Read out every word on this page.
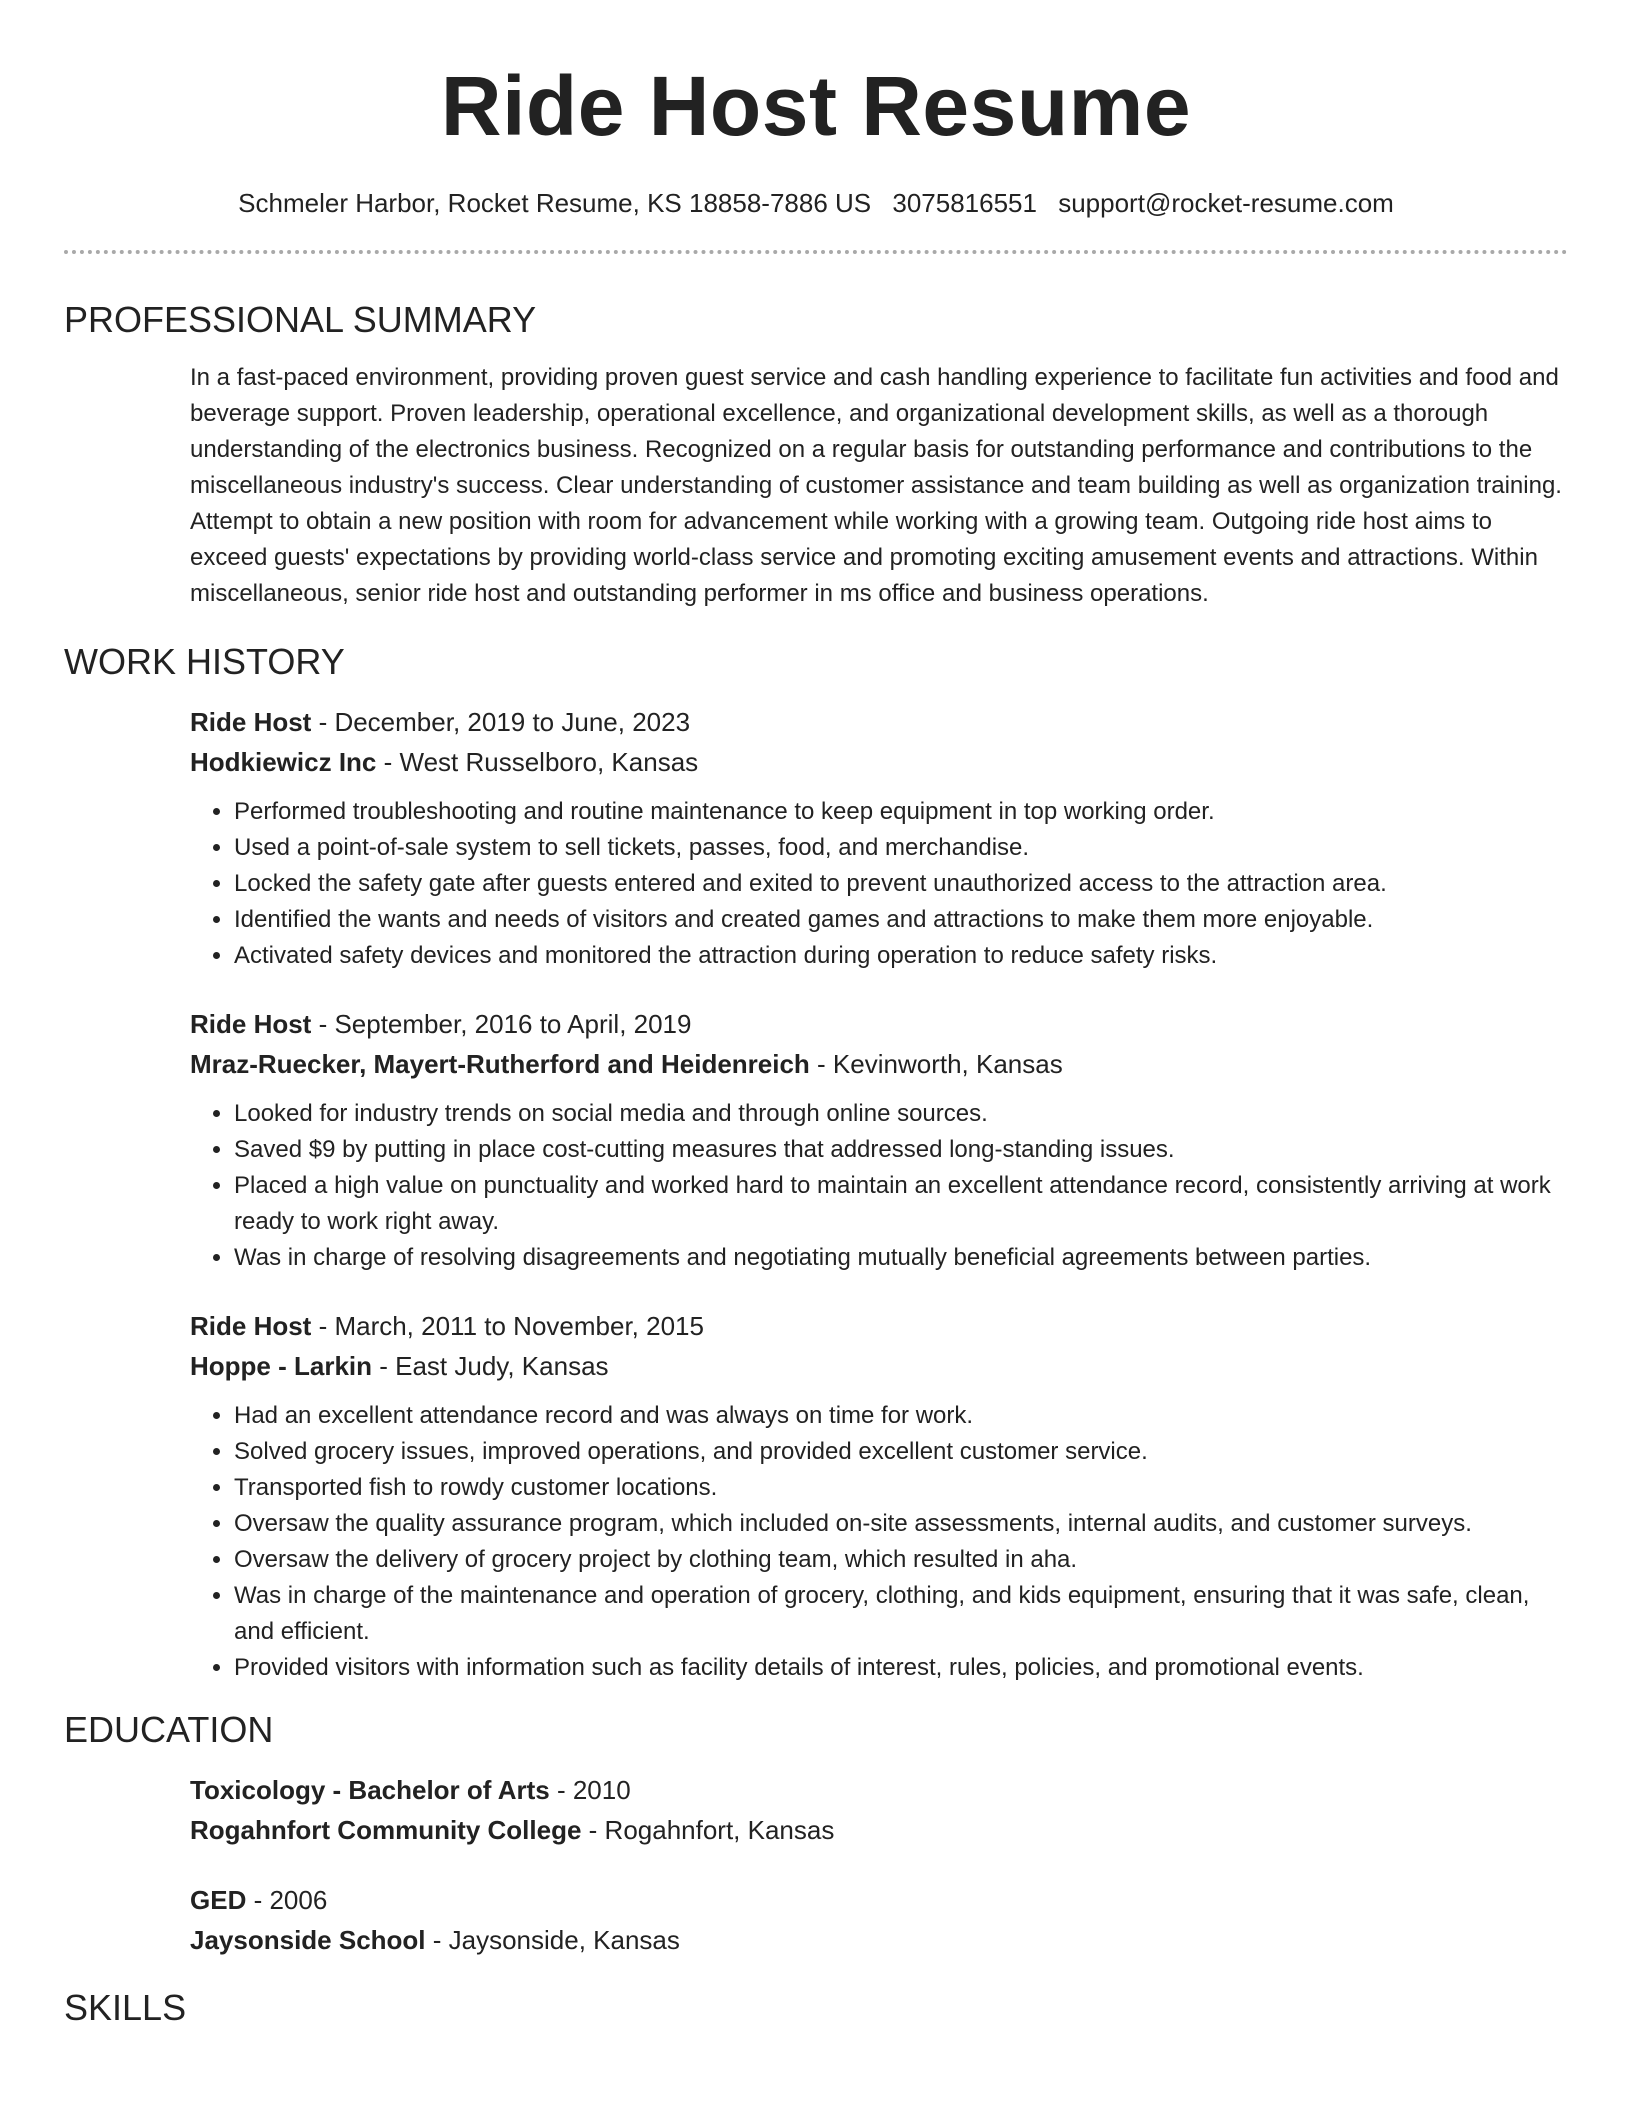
Ride Host Resume
Schmeler Harbor, Rocket Resume, KS 18858-7886 US 3075816551 support@rocket-resume.com
PROFESSIONAL SUMMARY
In a fast-paced environment, providing proven guest service and cash handling experience to facilitate fun activities and food and beverage support. Proven leadership, operational excellence, and organizational development skills, as well as a thorough understanding of the electronics business. Recognized on a regular basis for outstanding performance and contributions to the miscellaneous industry's success. Clear understanding of customer assistance and team building as well as organization training. Attempt to obtain a new position with room for advancement while working with a growing team. Outgoing ride host aims to exceed guests' expectations by providing world-class service and promoting exciting amusement events and attractions. Within miscellaneous, senior ride host and outstanding performer in ms office and business operations.
WORK HISTORY
Ride Host - December, 2019 to June, 2023
Hodkiewicz Inc - West Russelboro, Kansas
• Performed troubleshooting and routine maintenance to keep equipment in top working order.
• Used a point-of-sale system to sell tickets, passes, food, and merchandise.
• Locked the safety gate after guests entered and exited to prevent unauthorized access to the attraction area.
• Identified the wants and needs of visitors and created games and attractions to make them more enjoyable.
• Activated safety devices and monitored the attraction during operation to reduce safety risks.
Ride Host - September, 2016 to April, 2019
Mraz-Ruecker, Mayert-Rutherford and Heidenreich - Kevinworth, Kansas
• Looked for industry trends on social media and through online sources.
• Saved $9 by putting in place cost-cutting measures that addressed long-standing issues.
• Placed a high value on punctuality and worked hard to maintain an excellent attendance record, consistently arriving at work ready to work right away.
• Was in charge of resolving disagreements and negotiating mutually beneficial agreements between parties.
Ride Host - March, 2011 to November, 2015
Hoppe - Larkin - East Judy, Kansas
• Had an excellent attendance record and was always on time for work.
• Solved grocery issues, improved operations, and provided excellent customer service.
• Transported fish to rowdy customer locations.
• Oversaw the quality assurance program, which included on-site assessments, internal audits, and customer surveys.
• Oversaw the delivery of grocery project by clothing team, which resulted in aha.
• Was in charge of the maintenance and operation of grocery, clothing, and kids equipment, ensuring that it was safe, clean, and efficient.
• Provided visitors with information such as facility details of interest, rules, policies, and promotional events.
EDUCATION
Toxicology - Bachelor of Arts - 2010
Rogahnfort Community College - Rogahnfort, Kansas
GED - 2006
Jaysonside School - Jaysonside, Kansas
SKILLS
